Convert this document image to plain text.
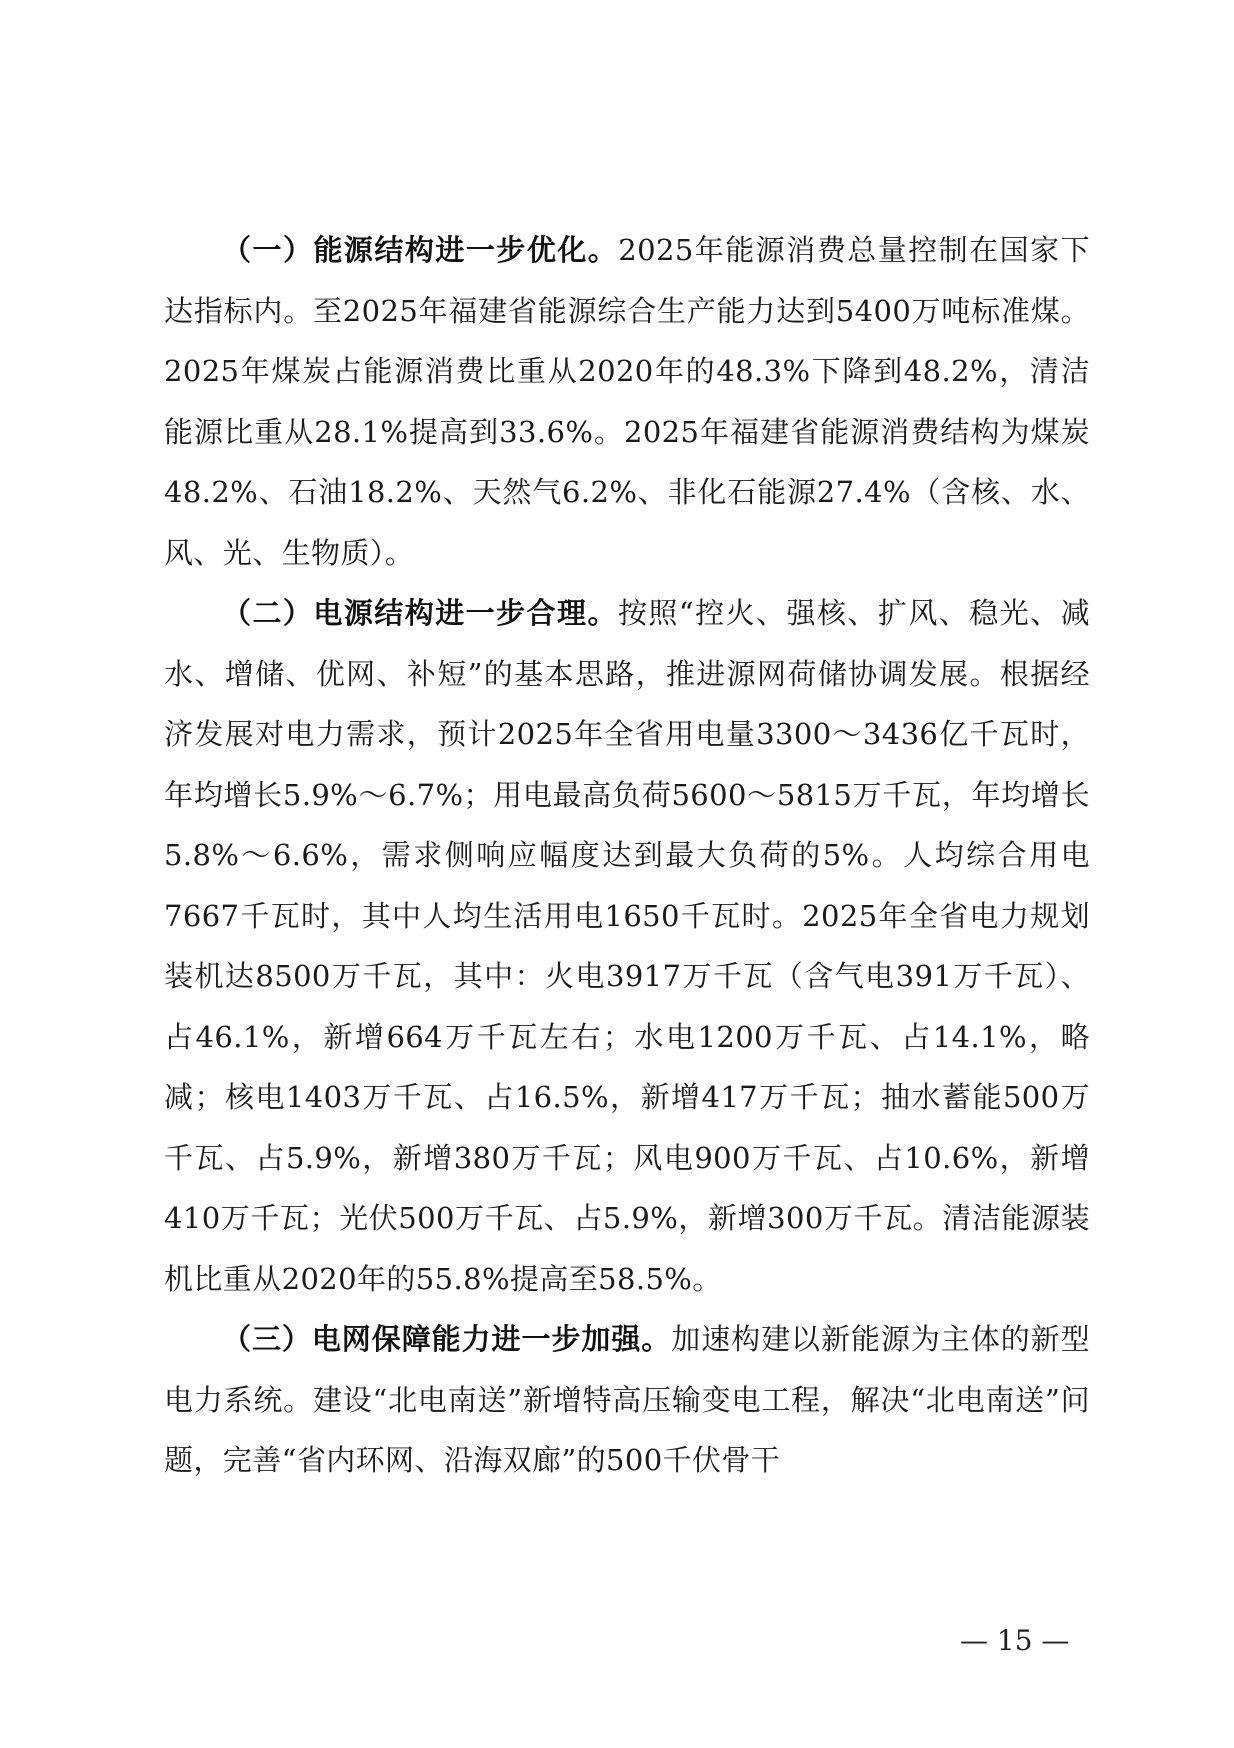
（一）能源结构进一步优化。2025年能源消费总量控制在国家下达指标内。至2025年福建省能源综合生产能力达到5400万吨标准煤。2025年煤炭占能源消费比重从2020年的48.3%下降到48.2%，清洁能源比重从28.1%提高到33.6%。2025年福建省能源消费结构为煤炭48.2%、石油18.2%、天然气6.2%、非化石能源27.4%（含核、水、风、光、生物质）。

（二）电源结构进一步合理。按照“控火、强核、扩风、稳光、减水、增储、优网、补短”的基本思路，推进源网荷储协调发展。根据经济发展对电力需求，预计2025年全省用电量3300～3436亿千瓦时，年均增长5.9%～6.7%；用电最高负荷5600～5815万千瓦，年均增长5.8%～6.6%，需求侧响应幅度达到最大负荷的5%。人均综合用电7667千瓦时，其中人均生活用电1650千瓦时。2025年全省电力规划装机达8500万千瓦，其中：火电3917万千瓦（含气电391万千瓦）、占46.1%，新增664万千瓦左右；水电1200万千瓦、占14.1%，略减；核电1403万千瓦、占16.5%，新增417万千瓦；抽水蓄能500万千瓦、占5.9%，新增380万千瓦；风电900万千瓦、占10.6%，新增410万千瓦；光伏500万千瓦、占5.9%，新增300万千瓦。清洁能源装机比重从2020年的55.8%提高至58.5%。

（三）电网保障能力进一步加强。加速构建以新能源为主体的新型电力系统。建设“北电南送”新增特高压输变电工程，解决“北电南送”问题，完善“省内环网、沿海双廊”的500千伏骨干

— 15 —
